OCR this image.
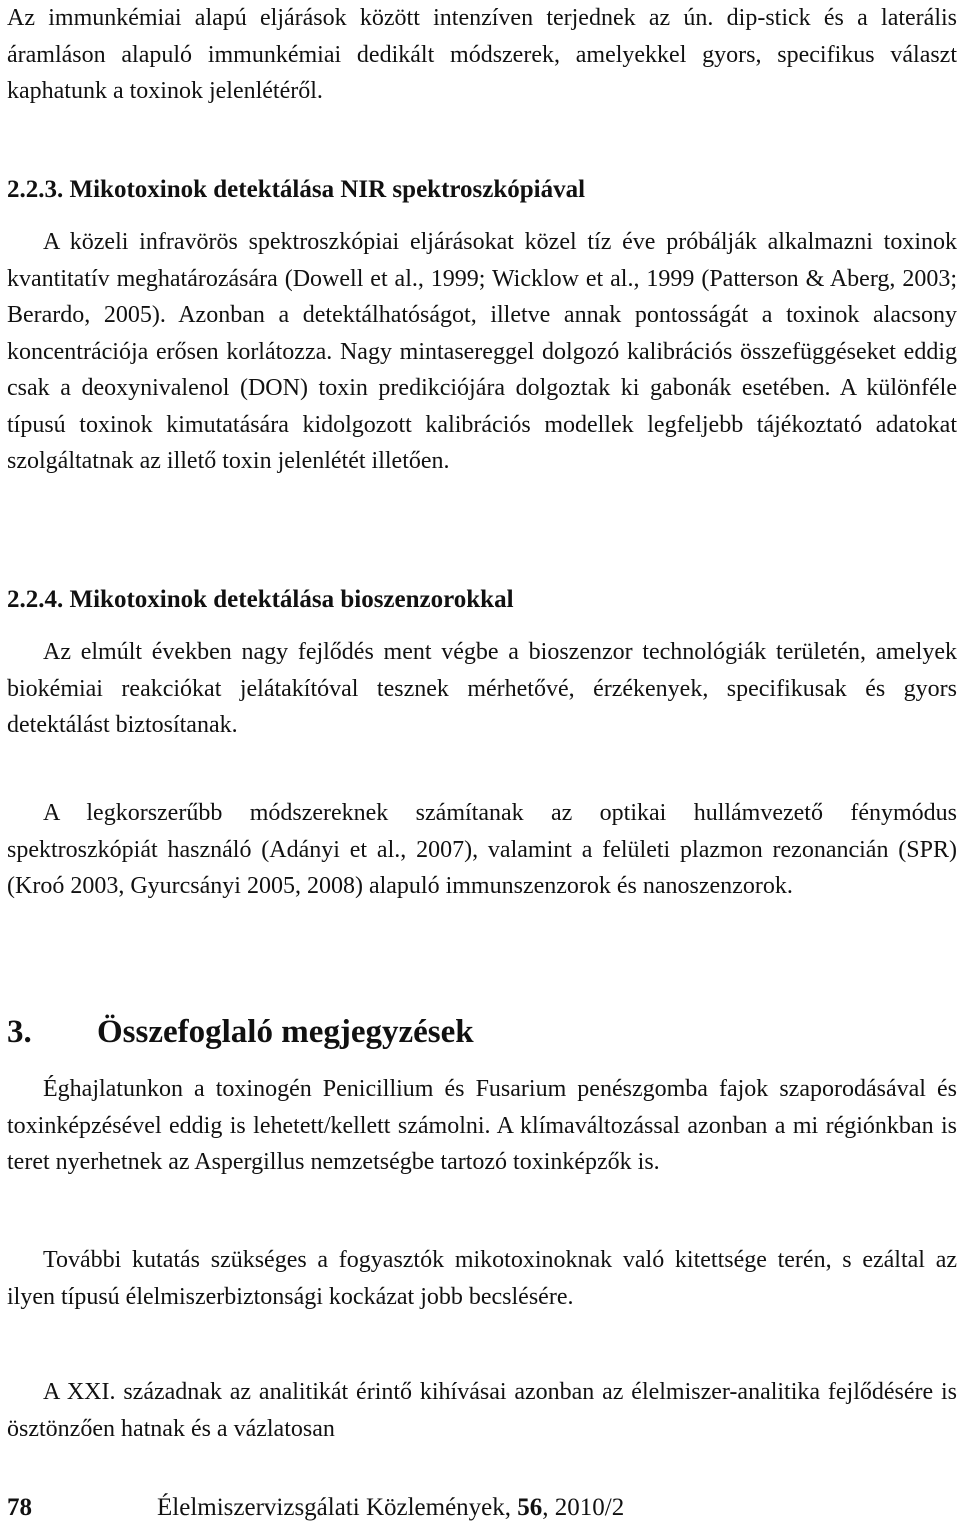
Az immunkémiai alapú eljárások között intenzíven terjednek az ún. dip-stick és a laterális áramláson alapuló immunkémiai dedikált módszerek, amelyekkel gyors, specifikus választ kaphatunk a toxinok jelenlétéről.

2.2.3. Mikotoxinok detektálása NIR spektroszkópiával

A közeli infravörös spektroszkópiai eljárásokat közel tíz éve próbálják alkalmazni toxinok kvantitatív meghatározására (Dowell et al., 1999; Wicklow et al., 1999 (Patterson & Aberg, 2003; Berardo, 2005). Azonban a detektálhatóságot, illetve annak pontosságát a toxinok alacsony koncentrációja erősen korlátozza. Nagy mintasereggel dolgozó kalibrációs összefüggéseket eddig csak a deoxynivalenol (DON) toxin predikciójára dolgoztak ki gabonák esetében. A különféle típusú toxinok kimutatására kidolgozott kalibrációs modellek legfeljebb tájékoztató adatokat szolgáltatnak az illető toxin jelenlétét illetően.

2.2.4. Mikotoxinok detektálása bioszenzorokkal

Az elmúlt években nagy fejlődés ment végbe a bioszenzor technológiák területén, amelyek biokémiai reakciókat jelátakítóval tesznek mérhetővé, érzékenyek, specifikusak és gyors detektálást biztosítanak.

A legkorszerűbb módszereknek számítanak az optikai hullámvezető fénymódus spektroszkópiát használó (Adányi et al., 2007), valamint a felületi plazmon rezonancián (SPR) (Kroó 2003, Gyurcsányi 2005, 2008) alapuló immunszenzorok és nanoszenzorok.

3. Összefoglaló megjegyzések

Éghajlatunkon a toxinogén Penicillium és Fusarium penészgomba fajok szaporodásával és toxinképzésével eddig is lehetett/kellett számolni. A klímaváltozással azonban a mi régiónkban is teret nyerhetnek az Aspergillus nemzetségbe tartozó toxinképzők is.

További kutatás szükséges a fogyasztók mikotoxinoknak való kitettsége terén, s ezáltal az ilyen típusú élelmiszerbiztonsági kockázat jobb becslésére.

A XXI. századnak az analitikát érintő kihívásai azonban az élelmiszer-analitika fejlődésére is ösztönzően hatnak és a vázlatosan

78	Élelmiszervizsgálati Közlemények, 56, 2010/2
